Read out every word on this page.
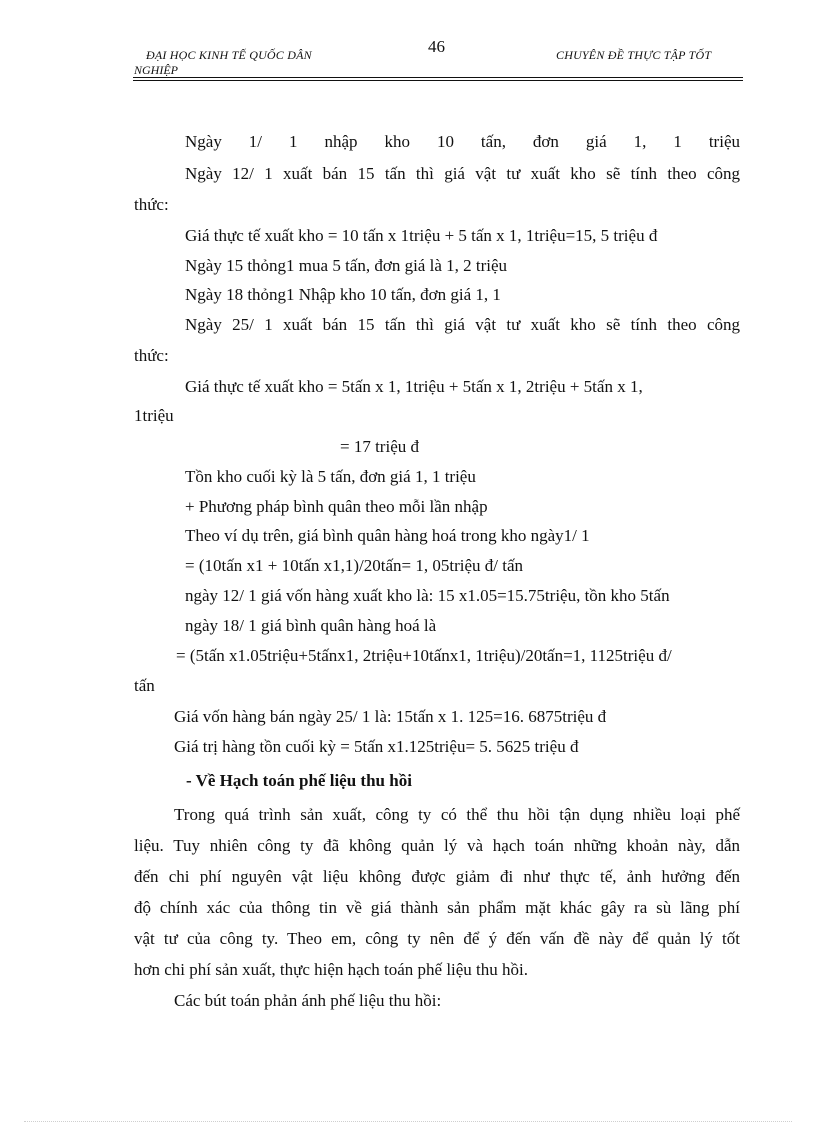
ĐẠI HỌC KINH TẾ QUỐC DÂN
NGHIỆP
46	CHUYÊN ĐỀ THỰC TẬP TỐT

Ngày 1/ 1 nhập kho 10 tấn, đơn giá 1, 1 triệu

Ngày 12/ 1 xuất bán 15 tấn thì giá vật tư xuất kho sẽ tính theo công

thức:

Giá thực tế xuất kho = 10 tấn x 1triệu + 5 tấn x 1, 1triệu=15, 5 triệu đ

Ngày 15 thỏng1 mua 5 tấn, đơn giá là 1, 2 triệu

Ngày 18 thỏng1 Nhập kho 10 tấn, đơn giá 1, 1

Ngày 25/ 1 xuất bán 15 tấn thì giá vật tư xuất kho sẽ tính theo công

thức:

Giá thực tế xuất kho = 5tấn x 1, 1triệu + 5tấn x 1, 2triệu + 5tấn x 1,

1triệu

= 17 triệu đ

Tồn kho cuối kỳ là 5 tấn, đơn giá 1, 1 triệu

+ Phương pháp bình quân theo mỗi lần nhập

Theo ví dụ trên, giá bình quân hàng hoá trong kho ngày1/ 1

= (10tấn x1 + 10tấn x1,1)/20tấn= 1, 05triệu đ/ tấn

ngày 12/ 1 giá vốn hàng xuất kho là: 15 x1.05=15.75triệu, tồn kho 5tấn

ngày 18/ 1 giá bình quân hàng hoá là

= (5tấn x1.05triệu+5tấnx1, 2triệu+10tấnx1, 1triệu)/20tấn=1, 1125triệu đ/

tấn

Giá vốn hàng bán ngày 25/ 1 là: 15tấn x 1. 125=16. 6875triệu đ

Giá trị hàng tồn cuối kỳ = 5tấn x1.125triệu= 5. 5625 triệu đ

- Về Hạch toán phế liệu thu hồi

Trong quá trình sản xuất, công ty có thể thu hồi tận dụng nhiều loại phế

liệu. Tuy nhiên công ty đã không quản lý và hạch toán những khoản này, dẫn

đến chi phí nguyên vật liệu không được giảm đi như thực tế, ảnh hưởng đến

độ chính xác của thông tin về giá thành sản phẩm mặt khác gây ra sù lãng phí

vật tư của công ty. Theo em, công ty nên để ý đến vấn đề này để quản lý tốt

hơn chi phí sản xuất, thực hiện hạch toán phế liệu thu hồi.

Các bút toán phản ánh phế liệu thu hồi:
